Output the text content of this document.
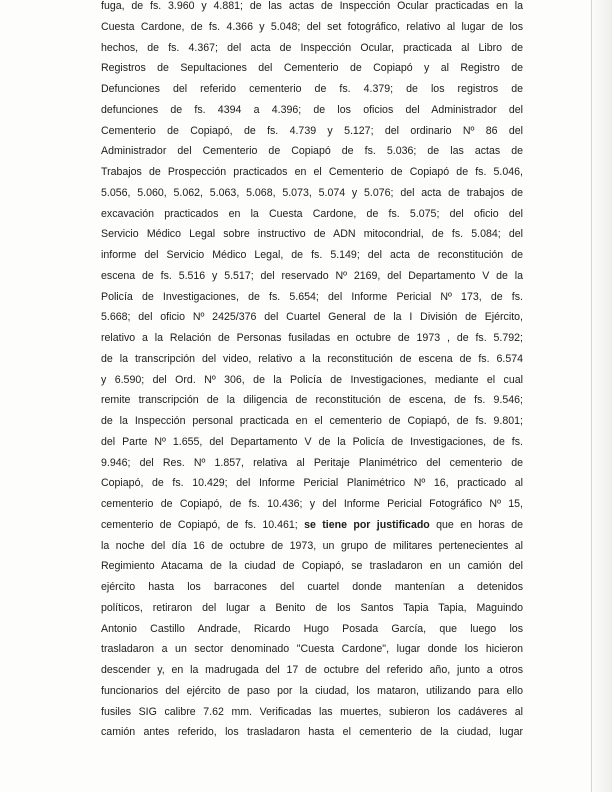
fuga, de fs. 3.960 y 4.881; de las actas de Inspección Ocular practicadas en la
Cuesta Cardone, de fs. 4.366 y 5.048; del set fotográfico, relativo al lugar de los
hechos, de fs. 4.367; del acta de Inspección Ocular, practicada al Libro de
Registros de Sepultaciones del Cementerio de Copiapó y al Registro de
Defunciones del referido cementerio de fs. 4.379; de los registros de
defunciones de fs. 4394 a 4.396; de los oficios del Administrador del
Cementerio de Copiapó, de fs. 4.739 y 5.127; del ordinario Nº 86 del
Administrador del Cementerio de Copiapó de fs. 5.036; de las actas de
Trabajos de Prospección practicados en el Cementerio de Copiapó de fs. 5.046,
5.056, 5.060, 5.062, 5.063, 5.068, 5.073, 5.074 y 5.076; del acta de trabajos de
excavación practicados en la Cuesta Cardone, de fs. 5.075; del oficio del
Servicio Médico Legal sobre instructivo de ADN mitocondrial, de fs. 5.084; del
informe del Servicio Médico Legal, de fs. 5.149; del acta de reconstitución de
escena de fs. 5.516 y 5.517; del reservado Nº 2169, del Departamento V de la
Policía de Investigaciones, de fs. 5.654; del Informe Pericial Nº 173, de fs.
5.668; del oficio Nº 2425/376 del Cuartel General de la I División de Ejército,
relativo a la Relación de Personas fusiladas en octubre de 1973 , de fs. 5.792;
de la transcripción del video, relativo a la reconstitución de escena de fs. 6.574
y 6.590; del Ord. Nº 306, de la Policía de Investigaciones, mediante el cual
remite transcripción de la diligencia de reconstitución de escena, de fs. 9.546;
de la Inspección personal practicada en el cementerio de Copiapó, de fs. 9.801;
del Parte Nº 1.655, del Departamento V de la Policía de Investigaciones, de fs.
9.946; del Res. Nº 1.857, relativa al Peritaje Planimétrico del cementerio de
Copiapó, de fs. 10.429; del Informe Pericial Planimétrico Nº 16, practicado al
cementerio de Copiapó, de fs. 10.436; y del Informe Pericial Fotográfico Nº 15,
cementerio de Copiapó, de fs. 10.461; se tiene por justificado que en horas de
la noche del día 16 de octubre de 1973, un grupo de militares pertenecientes al
Regimiento Atacama de la ciudad de Copiapó, se trasladaron en un camión del
ejército hasta los barracones del cuartel donde mantenían a detenidos
políticos, retiraron del lugar a Benito de los Santos Tapia Tapia, Maguindo
Antonio Castillo Andrade, Ricardo Hugo Posada García, que luego los
trasladaron a un sector denominado "Cuesta Cardone", lugar donde los hicieron
descender y, en la madrugada del 17 de octubre del referido año, junto a otros
funcionarios del ejército de paso por la ciudad, los mataron, utilizando para ello
fusiles SIG calibre 7.62 mm. Verificadas las muertes, subieron los cadáveres al
camión antes referido, los trasladaron hasta el cementerio de la ciudad, lugar
